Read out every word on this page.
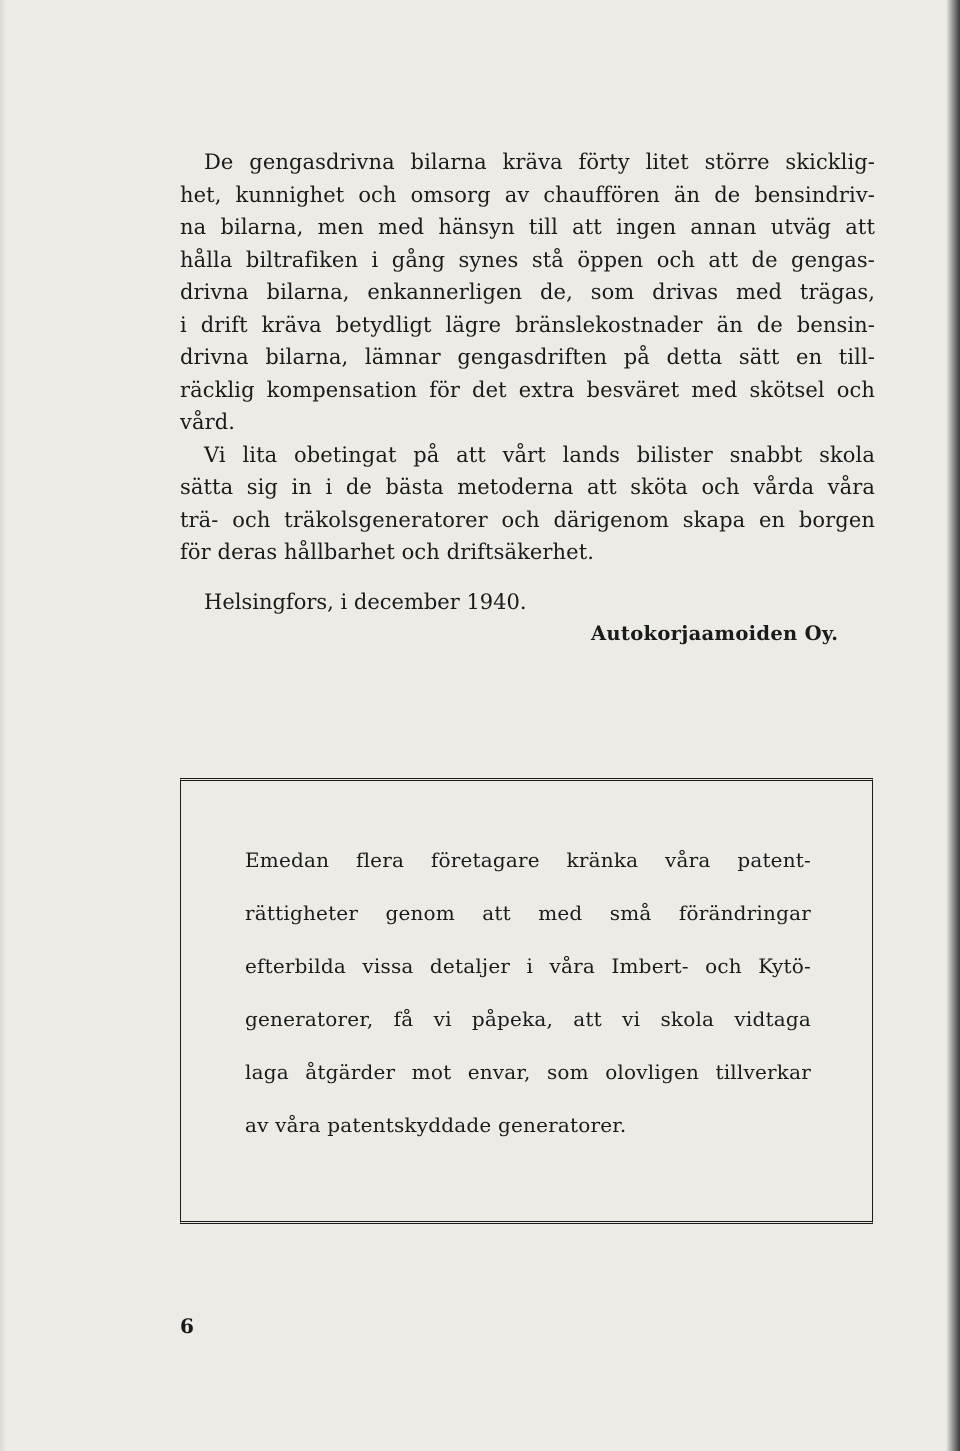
De gengasdrivna bilarna kräva förty litet större skicklig-
het, kunnighet och omsorg av chauffören än de bensindriv-
na bilarna, men med hänsyn till att ingen annan utväg att
hålla biltrafiken i gång synes stå öppen och att de gengas-
drivna bilarna, enkannerligen de, som drivas med trägas,
i drift kräva betydligt lägre bränslekostnader än de bensin-
drivna bilarna, lämnar gengasdriften på detta sätt en till-
räcklig kompensation för det extra besväret med skötsel och
vård.
Vi lita obetingat på att vårt lands bilister snabbt skola
sätta sig in i de bästa metoderna att sköta och vårda våra
trä- och träkolsgeneratorer och därigenom skapa en borgen
för deras hållbarhet och driftsäkerhet.
Helsingfors, i december 1940.
Autokorjaamoiden Oy.
Emedan flera företagare kränka våra patent-
rättigheter genom att med små förändringar
efterbilda vissa detaljer i våra Imbert- och Kytö-
generatorer, få vi påpeka, att vi skola vidtaga
laga åtgärder mot envar, som olovligen tillverkar
av våra patentskyddade generatorer.
6
